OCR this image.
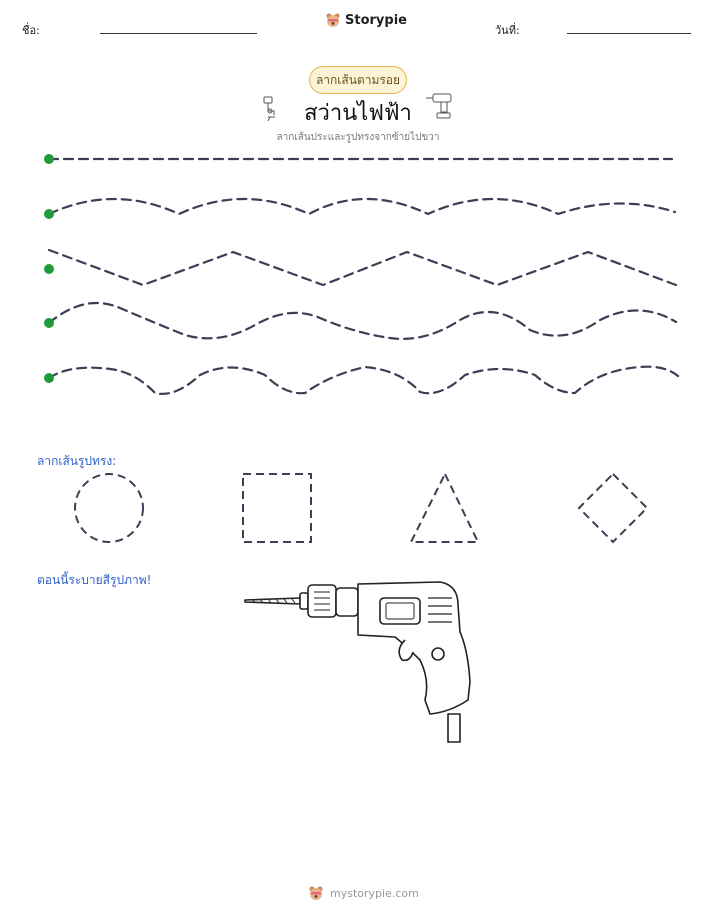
ชื่อ:
Storypie
วันที่:
ลากเส้นตามรอย
สว่านไฟฟ้า
ลากเส้นประและรูปทรงจากซ้ายไปขวา
ลากเส้นรูปทรง:
ตอนนี้ระบายสีรูปภาพ!
mystorypie.com
